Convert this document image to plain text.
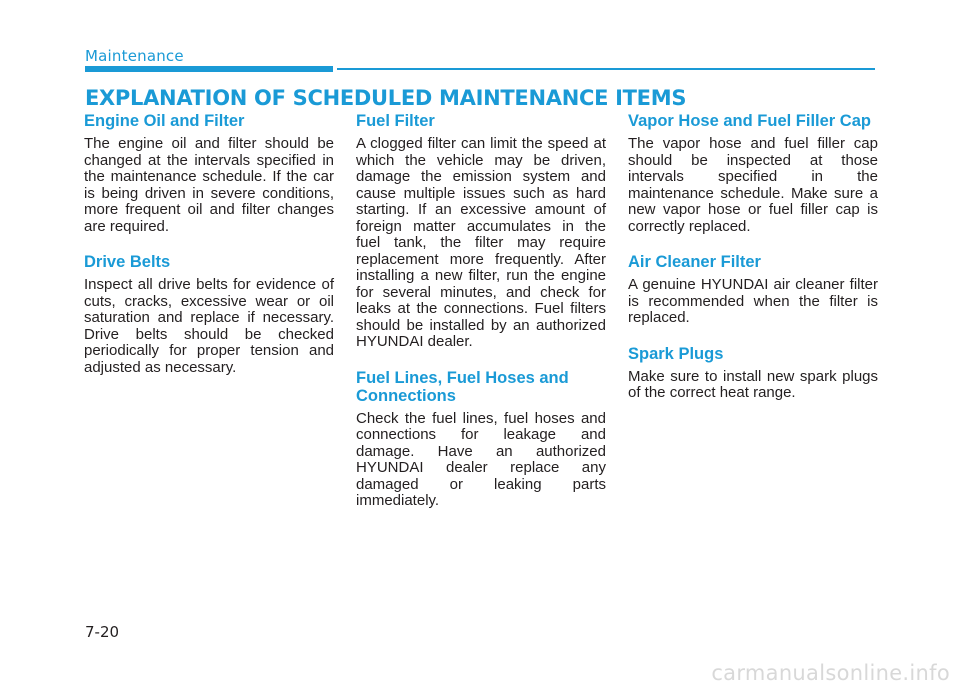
Maintenance
EXPLANATION OF SCHEDULED MAINTENANCE ITEMS
Engine Oil and Filter

The engine oil and filter should be changed at the intervals specified in the maintenance schedule. If the car is being driven in severe conditions, more frequent oil and filter changes are required.

Drive Belts

Inspect all drive belts for evidence of cuts, cracks, excessive wear or oil saturation and replace if necessary. Drive belts should be checked periodically for proper tension and adjusted as necessary.

Fuel Filter

A clogged filter can limit the speed at which the vehicle may be driven, damage the emission system and cause multiple issues such as hard starting. If an excessive amount of foreign matter accumulates in the fuel tank, the filter may require replacement more frequently. After installing a new filter, run the engine for several minutes, and check for leaks at the connections. Fuel filters should be installed by an authorized HYUNDAI dealer.

Fuel Lines, Fuel Hoses and Connections

Check the fuel lines, fuel hoses and connections for leakage and damage. Have an authorized HYUNDAI dealer replace any damaged or leaking parts immediately.

Vapor Hose and Fuel Filler Cap

The vapor hose and fuel filler cap should be inspected at those intervals specified in the maintenance schedule. Make sure a new vapor hose or fuel filler cap is correctly replaced.

Air Cleaner Filter

A genuine HYUNDAI air cleaner filter is recommended when the filter is replaced.

Spark Plugs

Make sure to install new spark plugs of the correct heat range.

7-20
carmanualsonline.info
